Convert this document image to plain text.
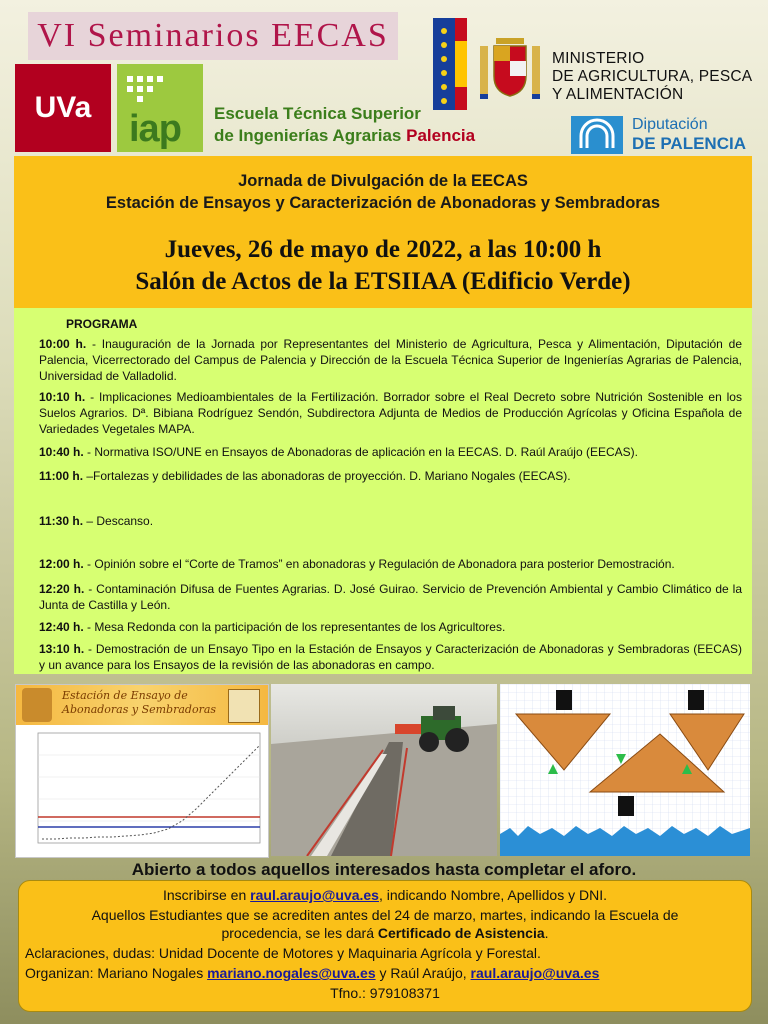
VI Seminarios EECAS
UVa
iap Escuela Técnica Superior
de Ingenierías Agrarias Palencia
MINISTERIO
DE AGRICULTURA, PESCA
Y ALIMENTACIÓN
Diputación
DE PALENCIA
Jornada de Divulgación de la EECAS
Estación de Ensayos y Caracterización de Abonadoras y Sembradoras
Jueves, 26 de mayo de 2022, a las 10:00 h
Salón de Actos de la ETSIIAA (Edificio Verde)
PROGRAMA
10:00 h. - Inauguración de la Jornada por Representantes del Ministerio de Agricultura, Pesca y Alimentación, Diputación de Palencia, Vicerrectorado del Campus de Palencia y Dirección de la Escuela Técnica Superior de Ingenierías Agrarias de Palencia, Universidad de Valladolid.
10:10 h. - Implicaciones Medioambientales de la Fertilización. Borrador sobre el Real Decreto sobre Nutrición Sostenible en los Suelos Agrarios. Dª. Bibiana Rodríguez Sendón, Subdirectora Adjunta de Medios de Producción Agrícolas y Oficina Española de Variedades Vegetales MAPA.
10:40 h. - Normativa ISO/UNE en Ensayos de Abonadoras de aplicación en la EECAS. D. Raúl Araújo (EECAS).
11:00 h. –Fortalezas y debilidades de las abonadoras de proyección. D. Mariano Nogales (EECAS).
11:30 h. – Descanso.
12:00 h. - Opinión sobre el “Corte de Tramos” en abonadoras y Regulación de Abonadora para posterior Demostración.
12:20 h. - Contaminación Difusa de Fuentes Agrarias. D. José Guirao. Servicio de Prevención Ambiental y Cambio Climático de la Junta de Castilla y León.
12:40 h. - Mesa Redonda con la participación de los representantes de los Agricultores.
13:10 h. - Demostración de un Ensayo Tipo en la Estación de Ensayos y Caracterización de Abonadoras y Sembradoras (EECAS) y un avance para los Ensayos de la revisión de las abonadoras en campo.
Estación de Ensayo de
Abonadoras y Sembradoras
Abierto a todos aquellos interesados hasta completar el aforo.
Inscribirse en raul.araujo@uva.es, indicando Nombre, Apellidos y DNI.
Aquellos Estudiantes que se acrediten antes del 24 de marzo, martes, indicando la Escuela de
procedencia, se les dará Certificado de Asistencia.
Aclaraciones, dudas: Unidad Docente de Motores y Maquinaria Agrícola y Forestal.
Organizan: Mariano Nogales mariano.nogales@uva.es y Raúl Araújo, raul.araujo@uva.es
Tfno.: 979108371
